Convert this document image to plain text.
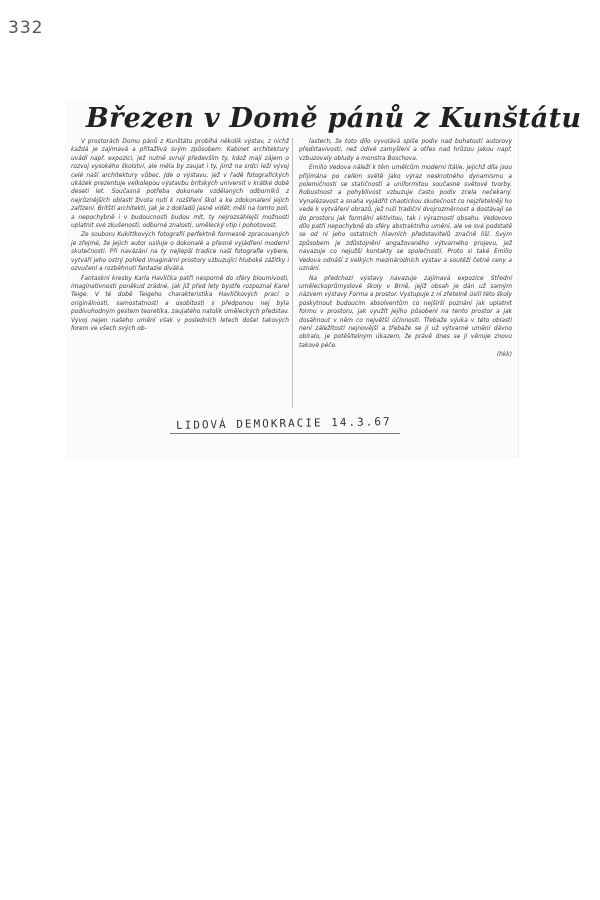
332
Březen v Domě pánů z Kunštátu

V prostorách Domu pánů z Kunštátu probíhá několik výstav, z nichž každá je zajímavá a přitažlivá svým způsobem. Kabinet architektury uvádí např. expozici, jež nutně svrují především ty, kdož mají zájem o rozvoj vysokého školství, ale měla by zaujat i ty, jimž na srdci leží vývoj celé naší architektury vůbec. Jde o výstavu, jež v řadě fotografických ukázek prezentuje velkolepou výstavbu britských universit v krátké době deseti let. Současná potřeba dokonale vzdělaných odborníků z nejrůznějších oblastí života nutí k rozšíření škol a ke zdokonalení jejich zařízení. Britští architekti, jak je z dokladů jasně vidět, měli na tomto poli, a nepochybně i v budoucnosti budou mít, ty nejrozsáhlejší možnosti uplatnit své zkušenosti, odborné znalosti, umělecký vtip i pohotovost.

Ze souboru Kukittkových fotografií perfektně formesně zpracovaných je zřejmé, že jejich autor usiluje o dokonalé a přesné vyjádření moderní skutečnosti. Při navázání na ty nejlepší tradice naší fotografie vybere, vytváří jeho ostrý pohled imaginární prostory vzbuzující hluboké zážitky i ozvučení a rozběhnutí fantazie diváka.

Fantaskní kresby Karla Havlíčka patří nesporně do sféry bloumivosti, imaginativnosti poněkud zrádné, jak již před lety bystře rozpoznal Karel Teige. V té době Teigeho charakteristika Havlíčkových prací o originálnosti, samostatnosti a osobitosti s předponou nej byla podivuhodným gestem teoretika, zaujatého natolik uměleckých představ. Vývoj nejen našeho umění však v posledních letech došel takových forem ve všech svých ob-

lastech, že toto dílo vyvolává spíše podiv nad bohatostí autorovy představivosti, než údivé zamyšlení a otřes nad hrůzou jakou např. vzbuzovaly obludy a monstra Boschova.

Emilio Vedova náleží k těm umělcům moderní ítálie, jejichž díla jsou přijímána po celém světě jako výraz neskrotného dynamismu a polemičnosti se statičností a uniformitou současné světové tvorby. Robustnost a pohyblivost vzbuzuje často podiv zcela nečekaný. Vynalézavost a snaha vyjádřit chaotickou skutečnost co nejzřetelněji ho vede k vytváření obrazů, jež ruší tradiční dvojrozměrnost a dostávají se do prostoru jak formální aktivitou, tak i výrazností obsahu. Vedovovo dílo patří nepochybně do sféry abstraktního umění, ale ve své podstatě se od ní jeho ostatních hlavních představitelů značně liší. Svým způsobem je zdůstojnění angažovaného výtvarného projevu, jež navazuje co nejužší kontakty se společností. Proto si také Emilio Vedova odnáší z velkých mezinárodních výstav a soutěží četné ceny a uznání.

Na předchozí výstavy navazuje zajímavá expozice Střední uměleckoprůmyslové školy v Brně, jejíž obsah je dán už samým názvem výstavy Forma a prostor. Vystupuje z ní zřetelně úsilí této školy poskytnout budoucím absolventům co nejširší poznání jak uplatnit formu v prostoru, jak využít jejího působení na tento prostor a jak dosáhnout v něm co největší účinnosti. Třebaže výuka v této oblasti není záležitostí nejnovější a třebaže se jí už výtvarné umění dávno obíralo, je potěšitelným úkazem, že právě dnes se jí věnuje znovu takové péče.

(hkk)

LIDOVÁ DEMOKRACIE 14.3.67
